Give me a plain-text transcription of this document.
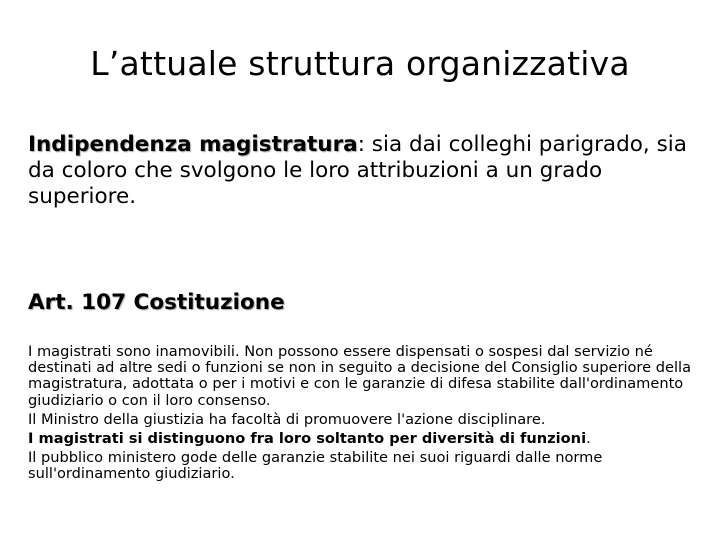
L’attuale struttura organizzativa
Indipendenza magistratura: sia dai colleghi parigrado, sia da coloro che svolgono le loro attribuzioni a un grado superiore.
Art. 107 Costituzione

I magistrati sono inamovibili. Non possono essere dispensati o sospesi dal servizio né destinati ad altre sedi o funzioni se non in seguito a decisione del Consiglio superiore della magistratura, adottata o per i motivi e con le garanzie di difesa stabilite dall'ordinamento giudiziario o con il loro consenso.

Il Ministro della giustizia ha facoltà di promuovere l'azione disciplinare.

I magistrati si distinguono fra loro soltanto per diversità di funzioni.

Il pubblico ministero gode delle garanzie stabilite nei suoi riguardi dalle norme sull'ordinamento giudiziario.
